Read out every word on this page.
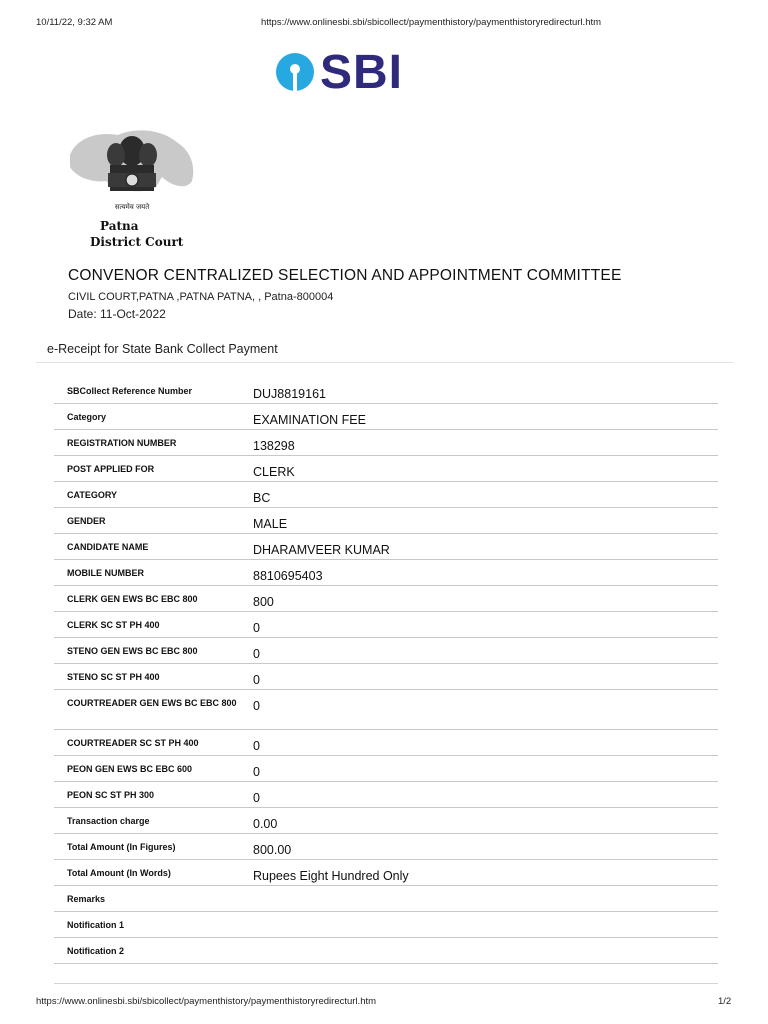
10/11/22, 9:32 AM	https://www.onlinesbi.sbi/sbicollect/paymenthistory/paymenthistoryredirecturl.htm
SBI
सत्यमेव जयते
Patna
District Court
CONVENOR CENTRALIZED SELECTION AND APPOINTMENT COMMITTEE
CIVIL COURT,PATNA ,PATNA PATNA, , Patna-800004
Date: 11-Oct-2022
e-Receipt for State Bank Collect Payment
SBCollect Reference Number	DUJ8819161
Category	EXAMINATION FEE
REGISTRATION NUMBER	138298
POST APPLIED FOR	CLERK
CATEGORY	BC
GENDER	MALE
CANDIDATE NAME	DHARAMVEER KUMAR
MOBILE NUMBER	8810695403
CLERK GEN EWS BC EBC 800	800
CLERK SC ST PH 400	0
STENO GEN EWS BC EBC 800	0
STENO SC ST PH 400	0
COURTREADER GEN EWS BC EBC 800	0
COURTREADER SC ST PH 400	0
PEON GEN EWS BC EBC 600	0
PEON SC ST PH 300	0
Transaction charge	0.00
Total Amount (In Figures)	800.00
Total Amount (In Words)	Rupees Eight Hundred Only
Remarks
Notification 1
Notification 2
https://www.onlinesbi.sbi/sbicollect/paymenthistory/paymenthistoryredirecturl.htm	1/2
